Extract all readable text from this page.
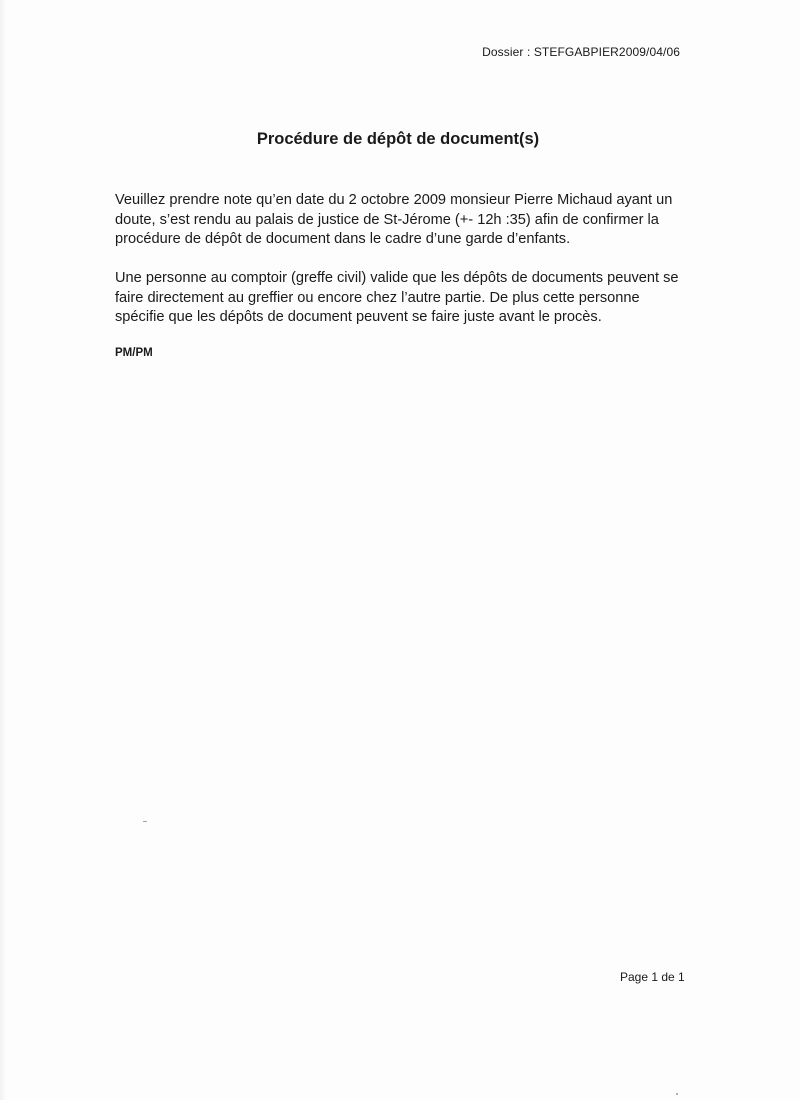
Dossier : STEFGABPIER2009/04/06
Procédure de dépôt de document(s)

Veuillez prendre note qu’en date du 2 octobre 2009 monsieur Pierre Michaud ayant un
doute, s’est rendu au palais de justice de St-Jérome (+- 12h :35) afin de confirmer la
procédure de dépôt de document dans le cadre d’une garde d’enfants.

Une personne au comptoir (greffe civil) valide que les dépôts de documents peuvent se
faire directement au greffier ou encore chez l’autre partie. De plus cette personne
spécifie que les dépôts de document peuvent se faire juste avant le procès.

PM/PM
Page 1 de 1
